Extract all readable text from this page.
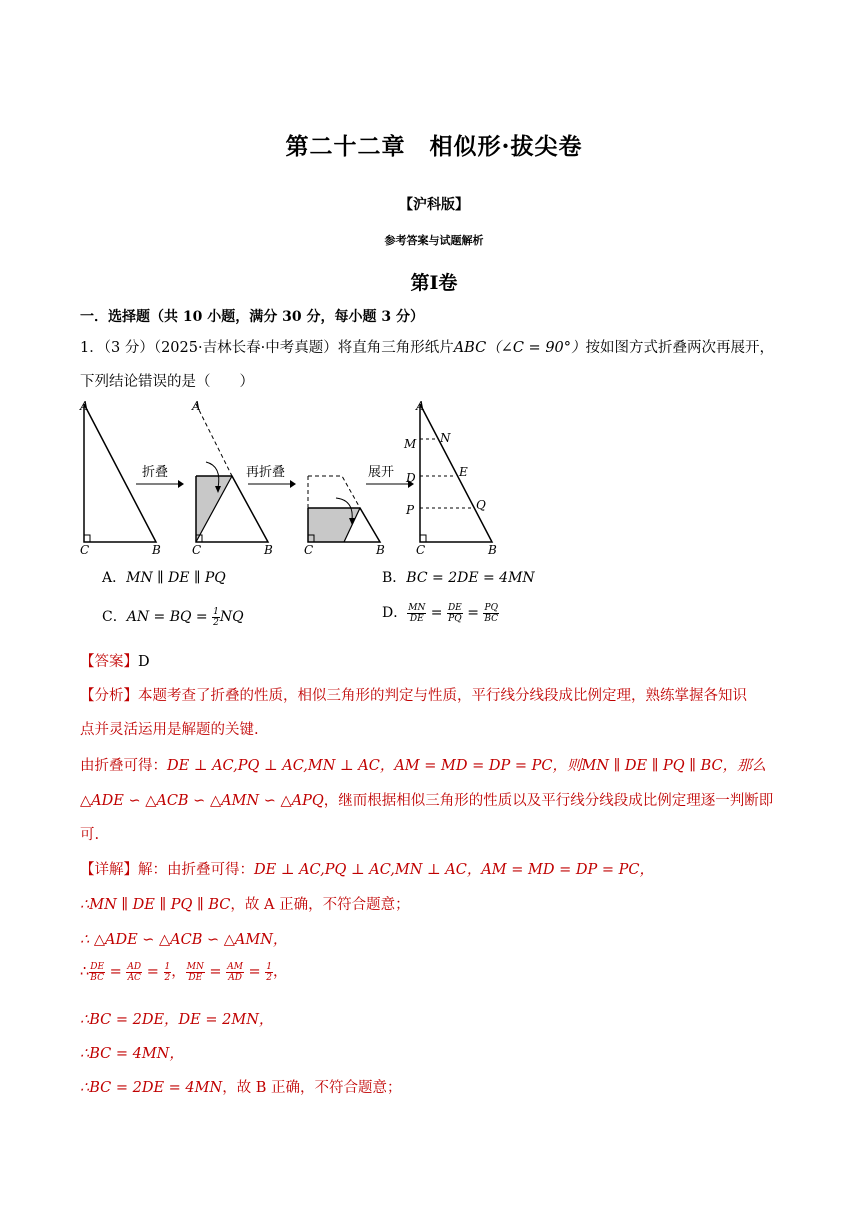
第二十二章　相似形·拔尖卷
【沪科版】
参考答案与试题解析
第Ⅰ卷
一．选择题（共 10 小题，满分 30 分，每小题 3 分）
1．（3 分）（2025·吉林长春·中考真题）将直角三角形纸片ABC（∠C = 90°）按如图方式折叠两次再展开，
下列结论错误的是（　　）
A
C	B
折叠
A
C	B
再折叠
C	B
展开
A
M N
D	E
P	Q
C	B
A．MN ∥ DE ∥ PQ	B．BC = 2DE = 4MN
C．AN = BQ = $\frac{1}{2}$ NQ	D． $\frac{MN}{DE} = \frac{DE}{PQ} = \frac{PQ}{BC}$
【答案】D
【分析】本题考查了折叠的性质，相似三角形的判定与性质，平行线分线段成比例定理，熟练掌握各知识
点并灵活运用是解题的关键.
由折叠可得：DE ⊥ AC,PQ ⊥ AC,MN ⊥ AC，AM = MD = DP = PC，则MN ∥ DE ∥ PQ ∥ BC，那么
△ADE ∽ △ACB ∽ △AMN ∽ △APQ，继而根据相似三角形的性质以及平行线分线段成比例定理逐一判断即
可.
【详解】解：由折叠可得：DE ⊥ AC,PQ ⊥ AC,MN ⊥ AC，AM = MD = DP = PC，
∴MN ∥ DE ∥ PQ ∥ BC，故 A 正确，不符合题意；
∴ △ADE ∽ △ACB ∽ △AMN，
∴ $\frac{DE}{BC} = \frac{AD}{AC} = \frac{1}{2}$ ， $\frac{MN}{DE} = \frac{AM}{AD} = \frac{1}{2}$ ，
∴BC = 2DE，DE = 2MN，
∴BC = 4MN，
∴BC = 2DE = 4MN，故 B 正确，不符合题意；
